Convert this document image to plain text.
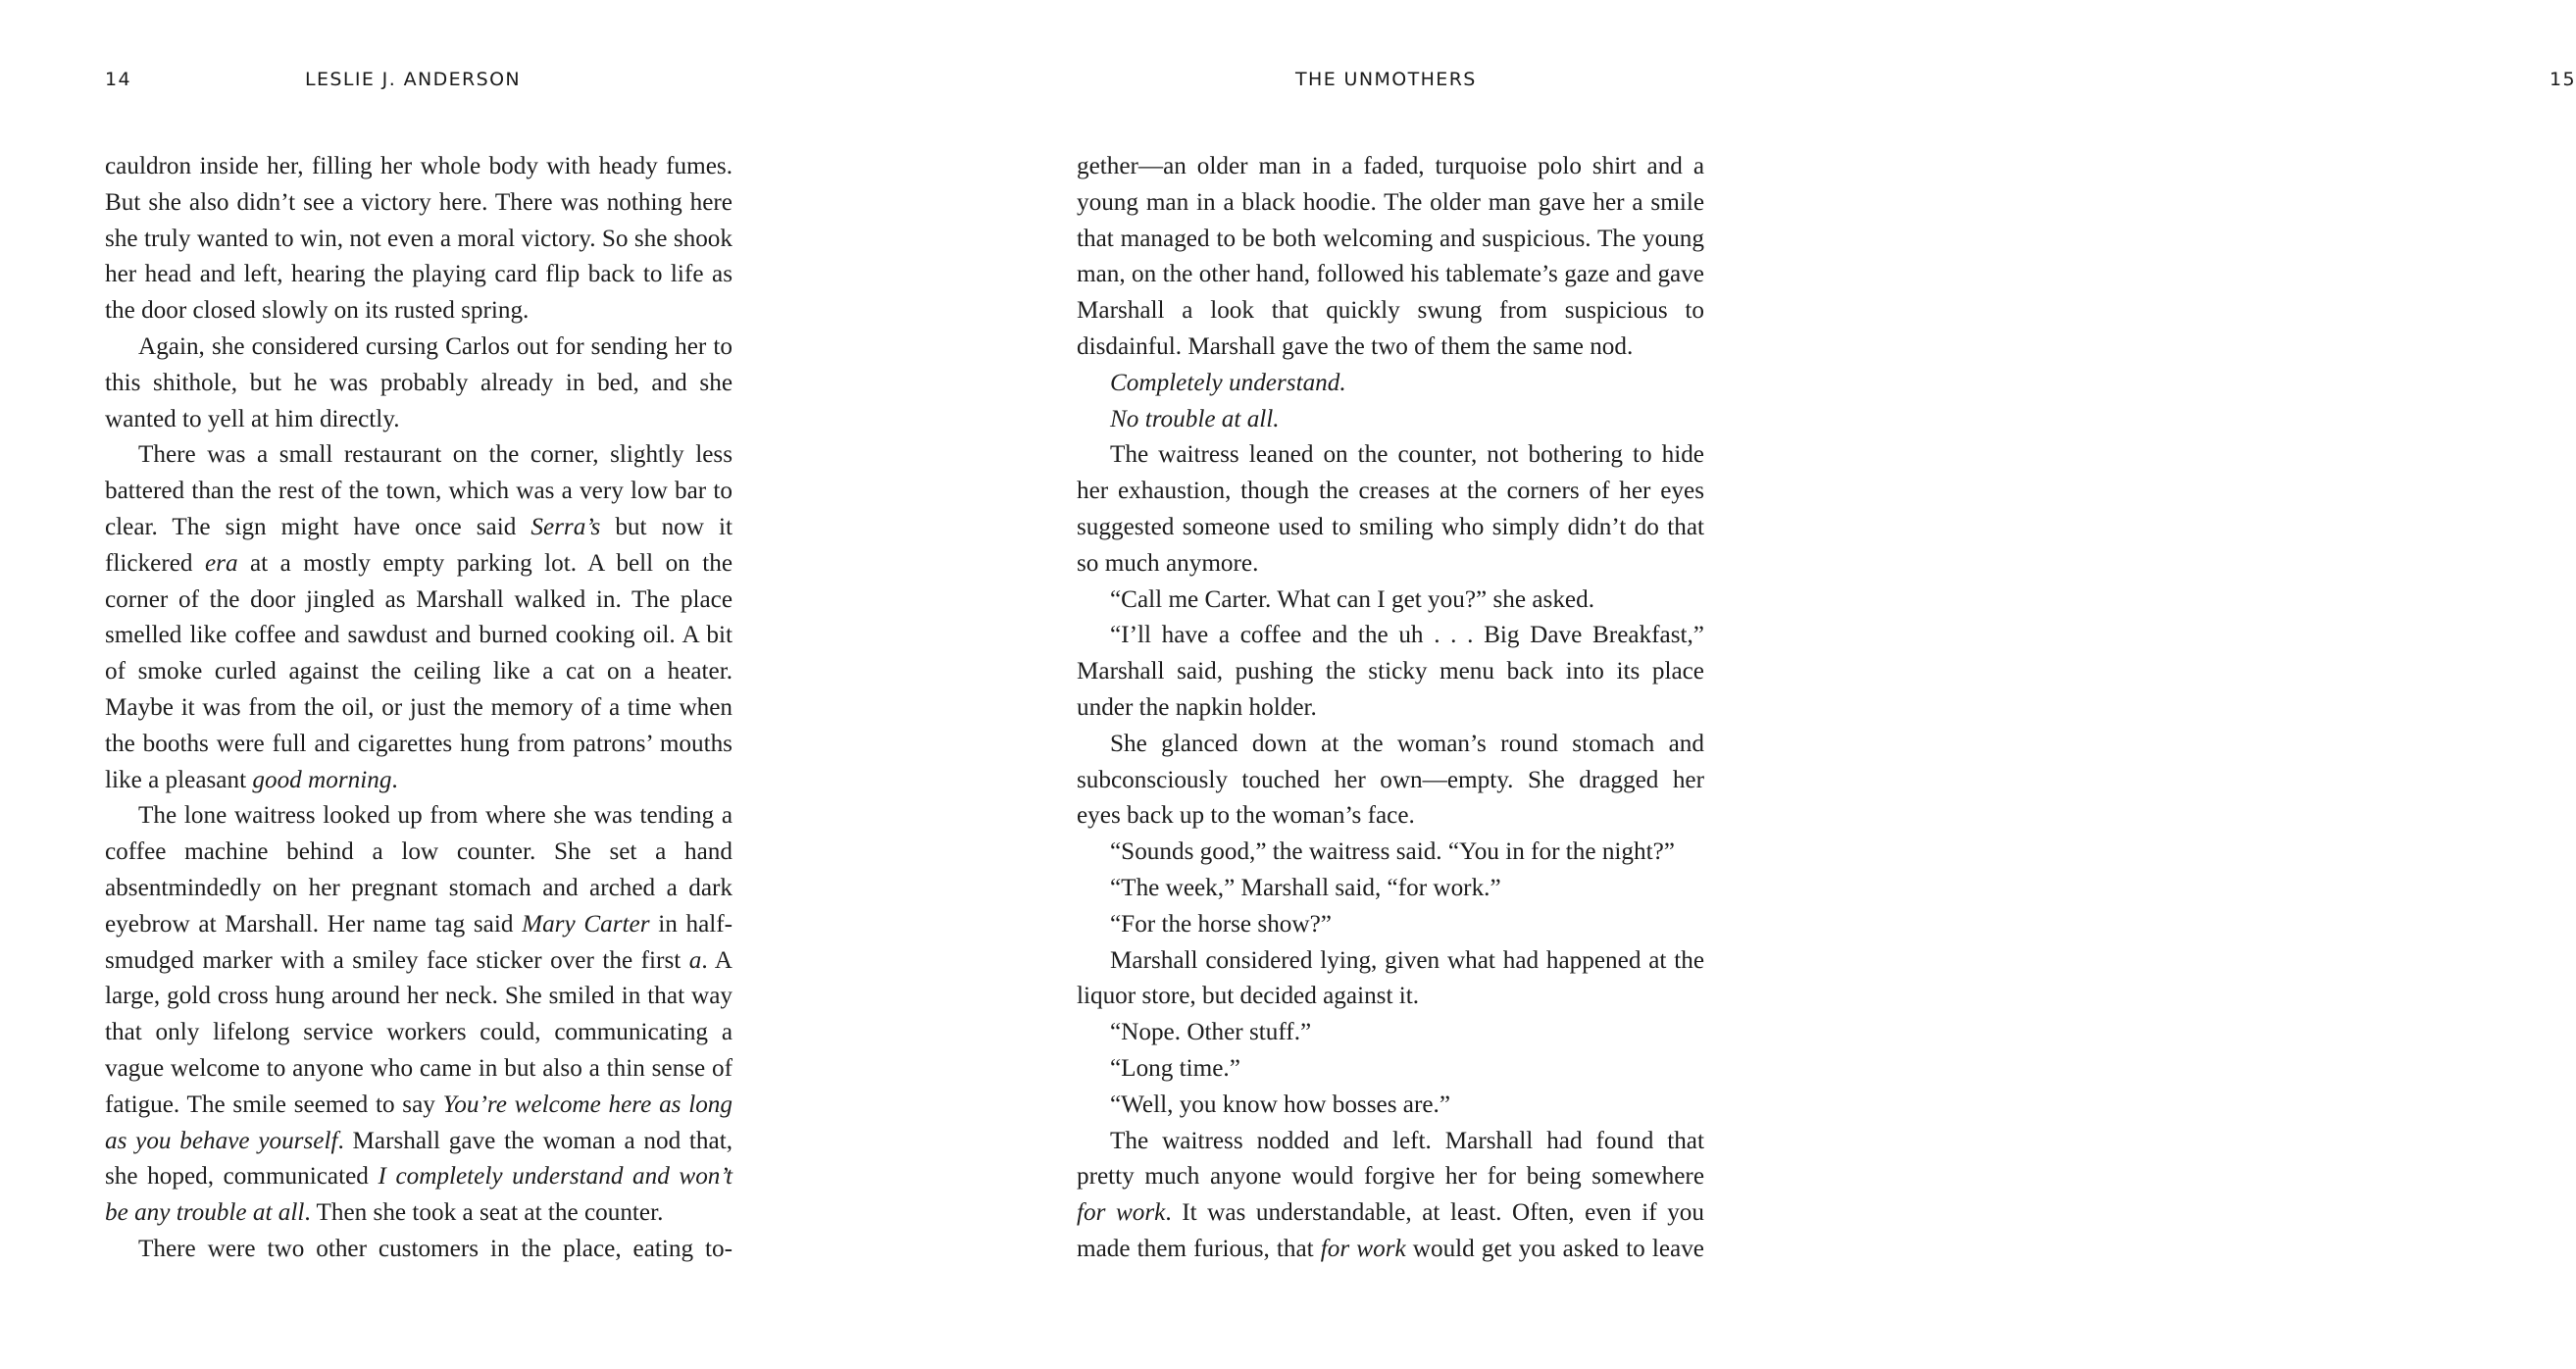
14	LESLIE J. ANDERSON

cauldron inside her, filling her whole body with heady fumes. But she also didn’t see a victory here. There was nothing here she truly wanted to win, not even a moral victory. So she shook her head and left, hearing the playing card flip back to life as the door closed slowly on its rusted spring.

Again, she considered cursing Carlos out for sending her to this shithole, but he was probably already in bed, and she wanted to yell at him directly.

There was a small restaurant on the corner, slightly less battered than the rest of the town, which was a very low bar to clear. The sign might have once said Serra’s but now it flickered era at a mostly empty parking lot. A bell on the corner of the door jingled as Marshall walked in. The place smelled like coffee and sawdust and burned cooking oil. A bit of smoke curled against the ceiling like a cat on a heater. Maybe it was from the oil, or just the memory of a time when the booths were full and cigarettes hung from patrons’ mouths like a pleasant good morning.

The lone waitress looked up from where she was tending a coffee machine behind a low counter. She set a hand absentmindedly on her pregnant stomach and arched a dark eyebrow at Marshall. Her name tag said Mary Carter in half-smudged marker with a smiley face sticker over the first a. A large, gold cross hung around her neck. She smiled in that way that only lifelong service workers could, communicating a vague welcome to anyone who came in but also a thin sense of fatigue. The smile seemed to say You’re welcome here as long as you behave yourself. Marshall gave the woman a nod that, she hoped, communicated I completely understand and won’t be any trouble at all. Then she took a seat at the counter.

There were two other customers in the place, eating to-

THE UNMOTHERS	15

gether—an older man in a faded, turquoise polo shirt and a young man in a black hoodie. The older man gave her a smile that managed to be both welcoming and suspicious. The young man, on the other hand, followed his tablemate’s gaze and gave Marshall a look that quickly swung from suspicious to disdainful. Marshall gave the two of them the same nod.

Completely understand.

No trouble at all.

The waitress leaned on the counter, not bothering to hide her exhaustion, though the creases at the corners of her eyes suggested someone used to smiling who simply didn’t do that so much anymore.

“Call me Carter. What can I get you?” she asked.

“I’ll have a coffee and the uh . . . Big Dave Breakfast,” Marshall said, pushing the sticky menu back into its place under the napkin holder.

She glanced down at the woman’s round stomach and subconsciously touched her own—empty. She dragged her eyes back up to the woman’s face.

“Sounds good,” the waitress said. “You in for the night?”

“The week,” Marshall said, “for work.”

“For the horse show?”

Marshall considered lying, given what had happened at the liquor store, but decided against it.

“Nope. Other stuff.”

“Long time.”

“Well, you know how bosses are.”

The waitress nodded and left. Marshall had found that pretty much anyone would forgive her for being somewhere for work. It was understandable, at least. Often, even if you made them furious, that for work would get you asked to leave
